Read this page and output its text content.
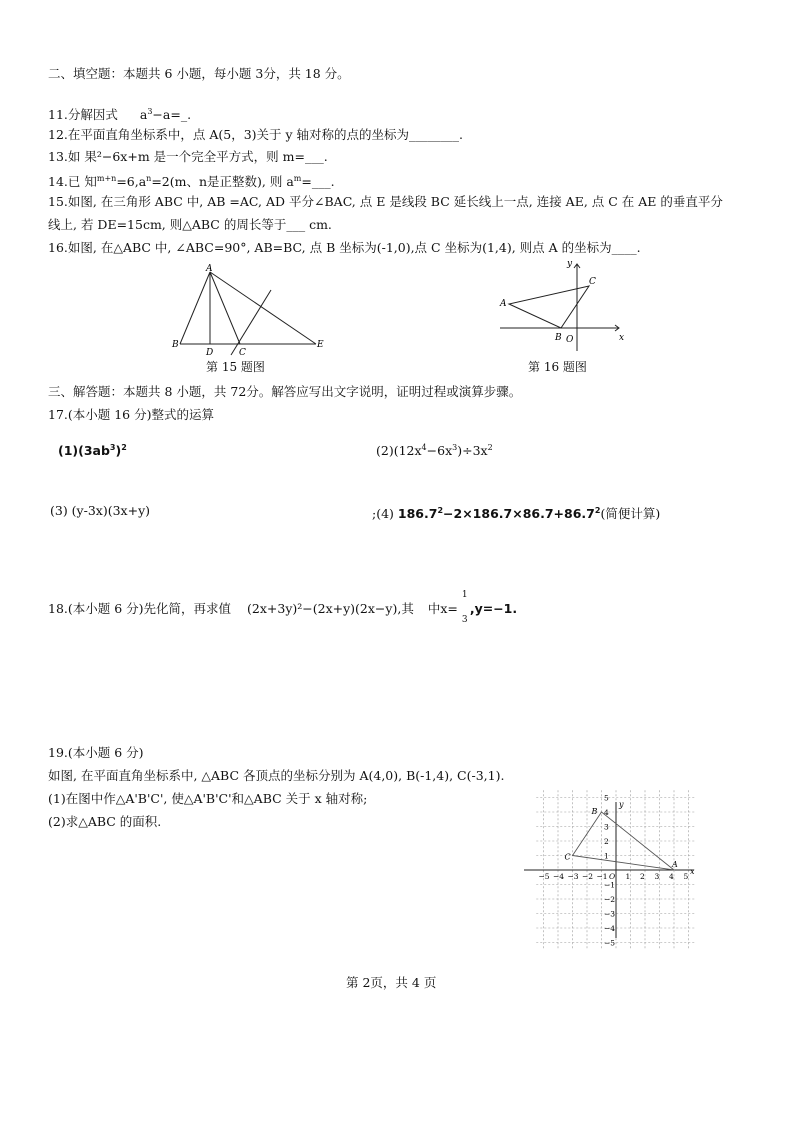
二、填空题：本题共 6 小题，每小题 3分，共 18 分。
11.分解因式 $a^3-a=\_$.
12.在平面直角坐标系中，点 A(5，3)关于 y 轴对称的点的坐标为________.
13.如 果²−6x+m 是一个完全平方式，则 m=___.
14.已 知$^{m+n}=6,a^n=2(m$、n是正整数), 则 $a^m=\_\_\_$.
15.如图, 在三角形 ABC 中, AB =AC, AD 平分∠BAC, 点 E 是线段 BC 延长线上一点, 连接 AE, 点 C 在 AE 的垂直平分
线上, 若 DE=15cm, 则△ABC 的周长等于___ cm.
16.如图, 在△ABC 中, ∠ABC=90°, AB=BC, 点 B 坐标为(-1,0),点 C 坐标为(1,4), 则点 A 的坐标为____.
A
B
D	C
E
第 15 题图
y
x
A
C
B O
第 16 题图
三、解答题：本题共 8 小题，共 72分。解答应写出文字说明，证明过程或演算步骤。
17.(本小题 16 分)整式的运算
$(1)(3ab^3)^2$	$(2)(12x^4-6x^3)\div 3x^2$
(3) (y-3x)(3x+y)	;(4) $186.7^2-2\times 186.7\times 86.7+86.7^2$(简便计算)
18.(本小题 6 分)先化简，再求值 (2x+3y)²−(2x+y)(2x−y),其 中x=
1
3
,y=−1.
19.(本小题 6 分)
如图, 在平面直角坐标系中, △ABC 各顶点的坐标分别为 A(4,0), B(-1,4), C(-3,1).
(1)在图中作△A'B'C', 使△A'B'C'和△ABC 关于 x 轴对称;
(2)求△ABC 的面积.
x
y
−5 −4 −3 −2 −1 1 2 3 4 5
5
4
3
2
1
−1
−2
−3
−4
−5
O
A
B
C
第 2页，共 4 页
